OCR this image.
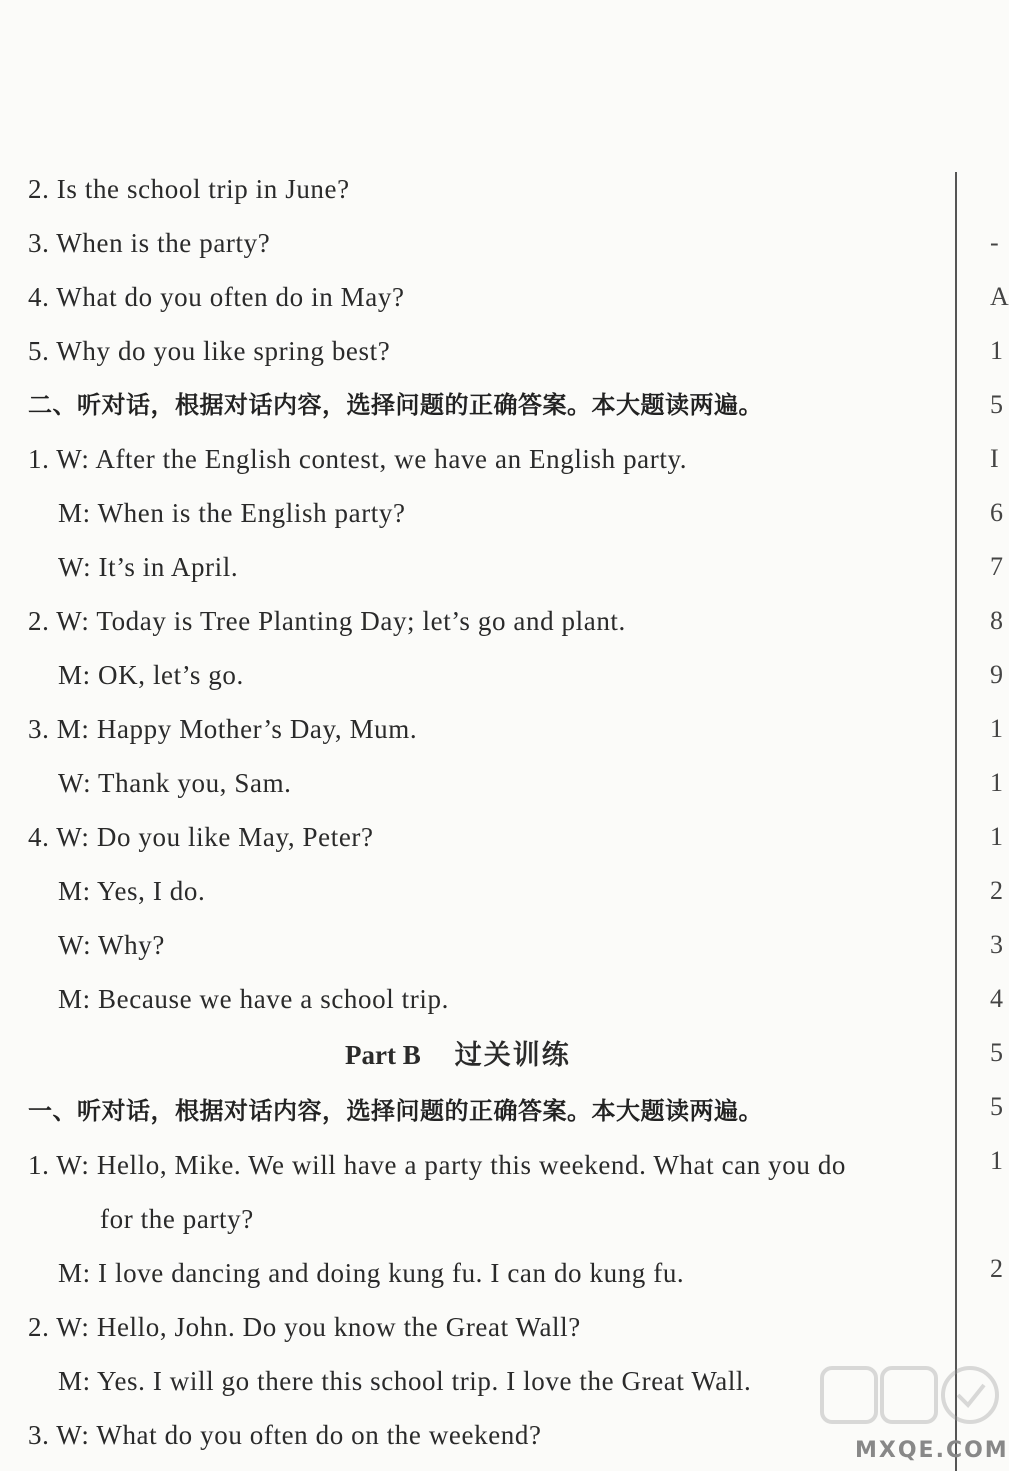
2. Is the school trip in June?
3. When is the party?
4. What do you often do in May?
5. Why do you like spring best?
二、听对话，根据对话内容，选择问题的正确答案。本大题读两遍。
1. W: After the English contest, we have an English party.
M: When is the English party?
W: It’s in April.
2. W: Today is Tree Planting Day; let’s go and plant.
M: OK, let’s go.
3. M: Happy Mother’s Day, Mum.
W: Thank you, Sam.
4. W: Do you like May, Peter?
M: Yes, I do.
W: Why?
M: Because we have a school trip.
Part B 过关训练
一、听对话，根据对话内容，选择问题的正确答案。本大题读两遍。
1. W: Hello, Mike. We will have a party this weekend. What can you do
for the party?
M: I love dancing and doing kung fu. I can do kung fu.
2. W: Hello, John. Do you know the Great Wall?
M: Yes. I will go there this school trip. I love the Great Wall.
3. W: What do you often do on the weekend?
-
A
1
5
I
6
7
8
9
1
1
1
2
3
4
5
5
1
2
MXQE.COM
